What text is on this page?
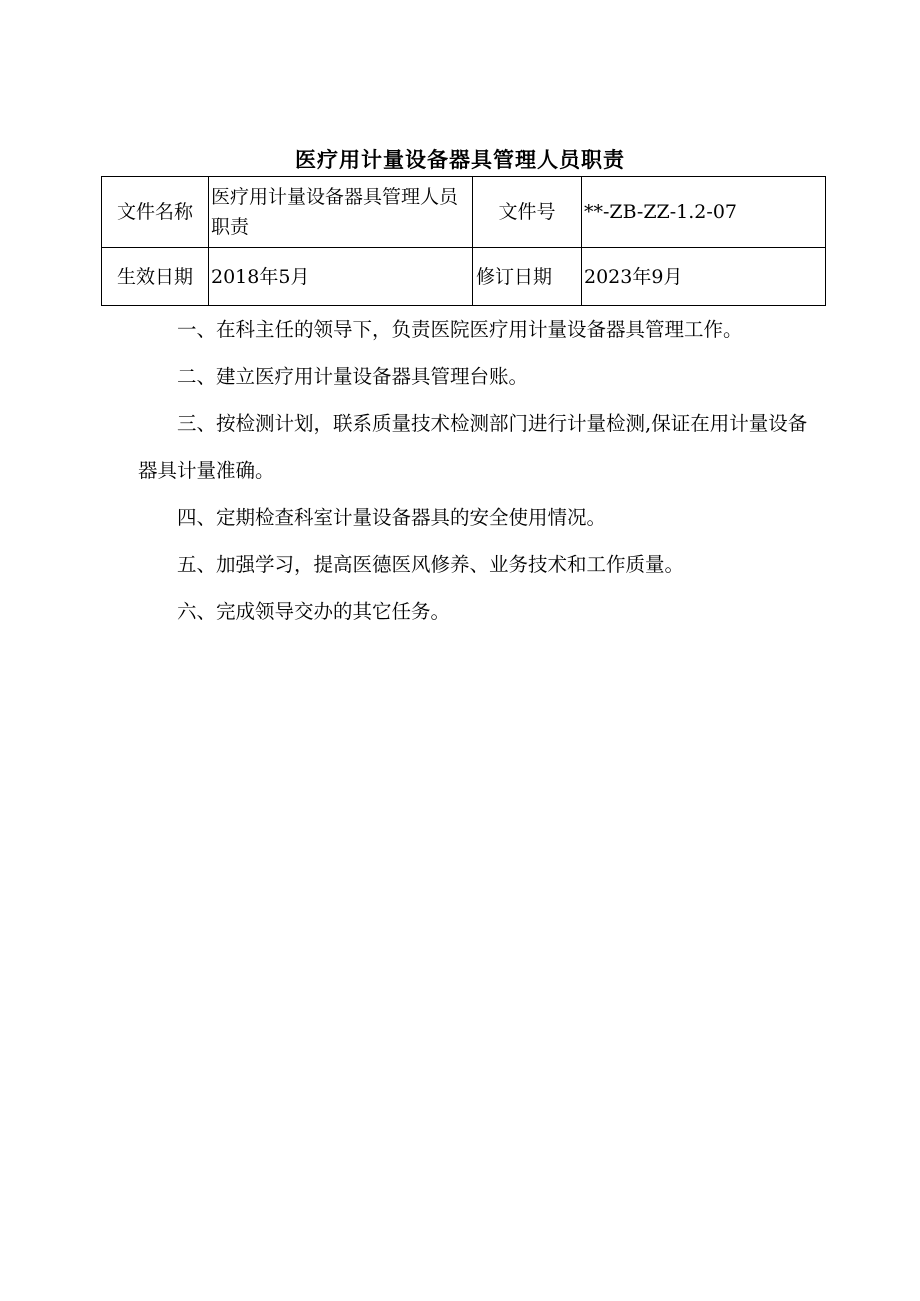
医疗用计量设备器具管理人员职责
文件名称	医疗用计量设备器具管理人员职责	文件号	**-ZB-ZZ-1.2-07
生效日期	2018年5月	修订日期	2023年9月

一、在科主任的领导下，负责医院医疗用计量设备器具管理工作。

二、建立医疗用计量设备器具管理台账。

三、按检测计划，联系质量技术检测部门进行计量检测,保证在用计量设备器具计量准确。

四、定期检查科室计量设备器具的安全使用情况。

五、加强学习，提高医德医风修养、业务技术和工作质量。

六、完成领导交办的其它任务。
